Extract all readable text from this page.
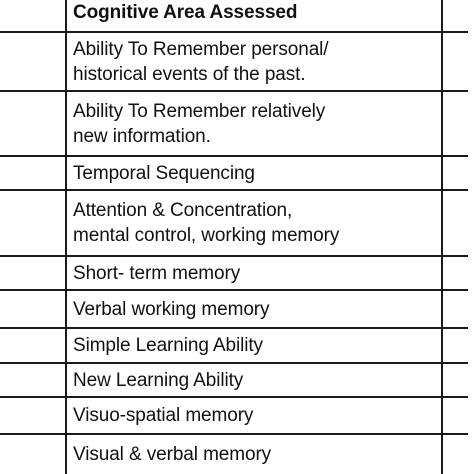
	Cognitive Area Assessed	

	Ability To Remember personal/
historical events of the past.	

	Ability To Remember relatively
new information.	

	Temporal Sequencing	

	Attention & Concentration,
mental control, working memory	

	Short- term memory	

	Verbal working memory	

	Simple Learning Ability	

	New Learning Ability	

	Visuo-spatial memory	

	Visual & verbal memory	
